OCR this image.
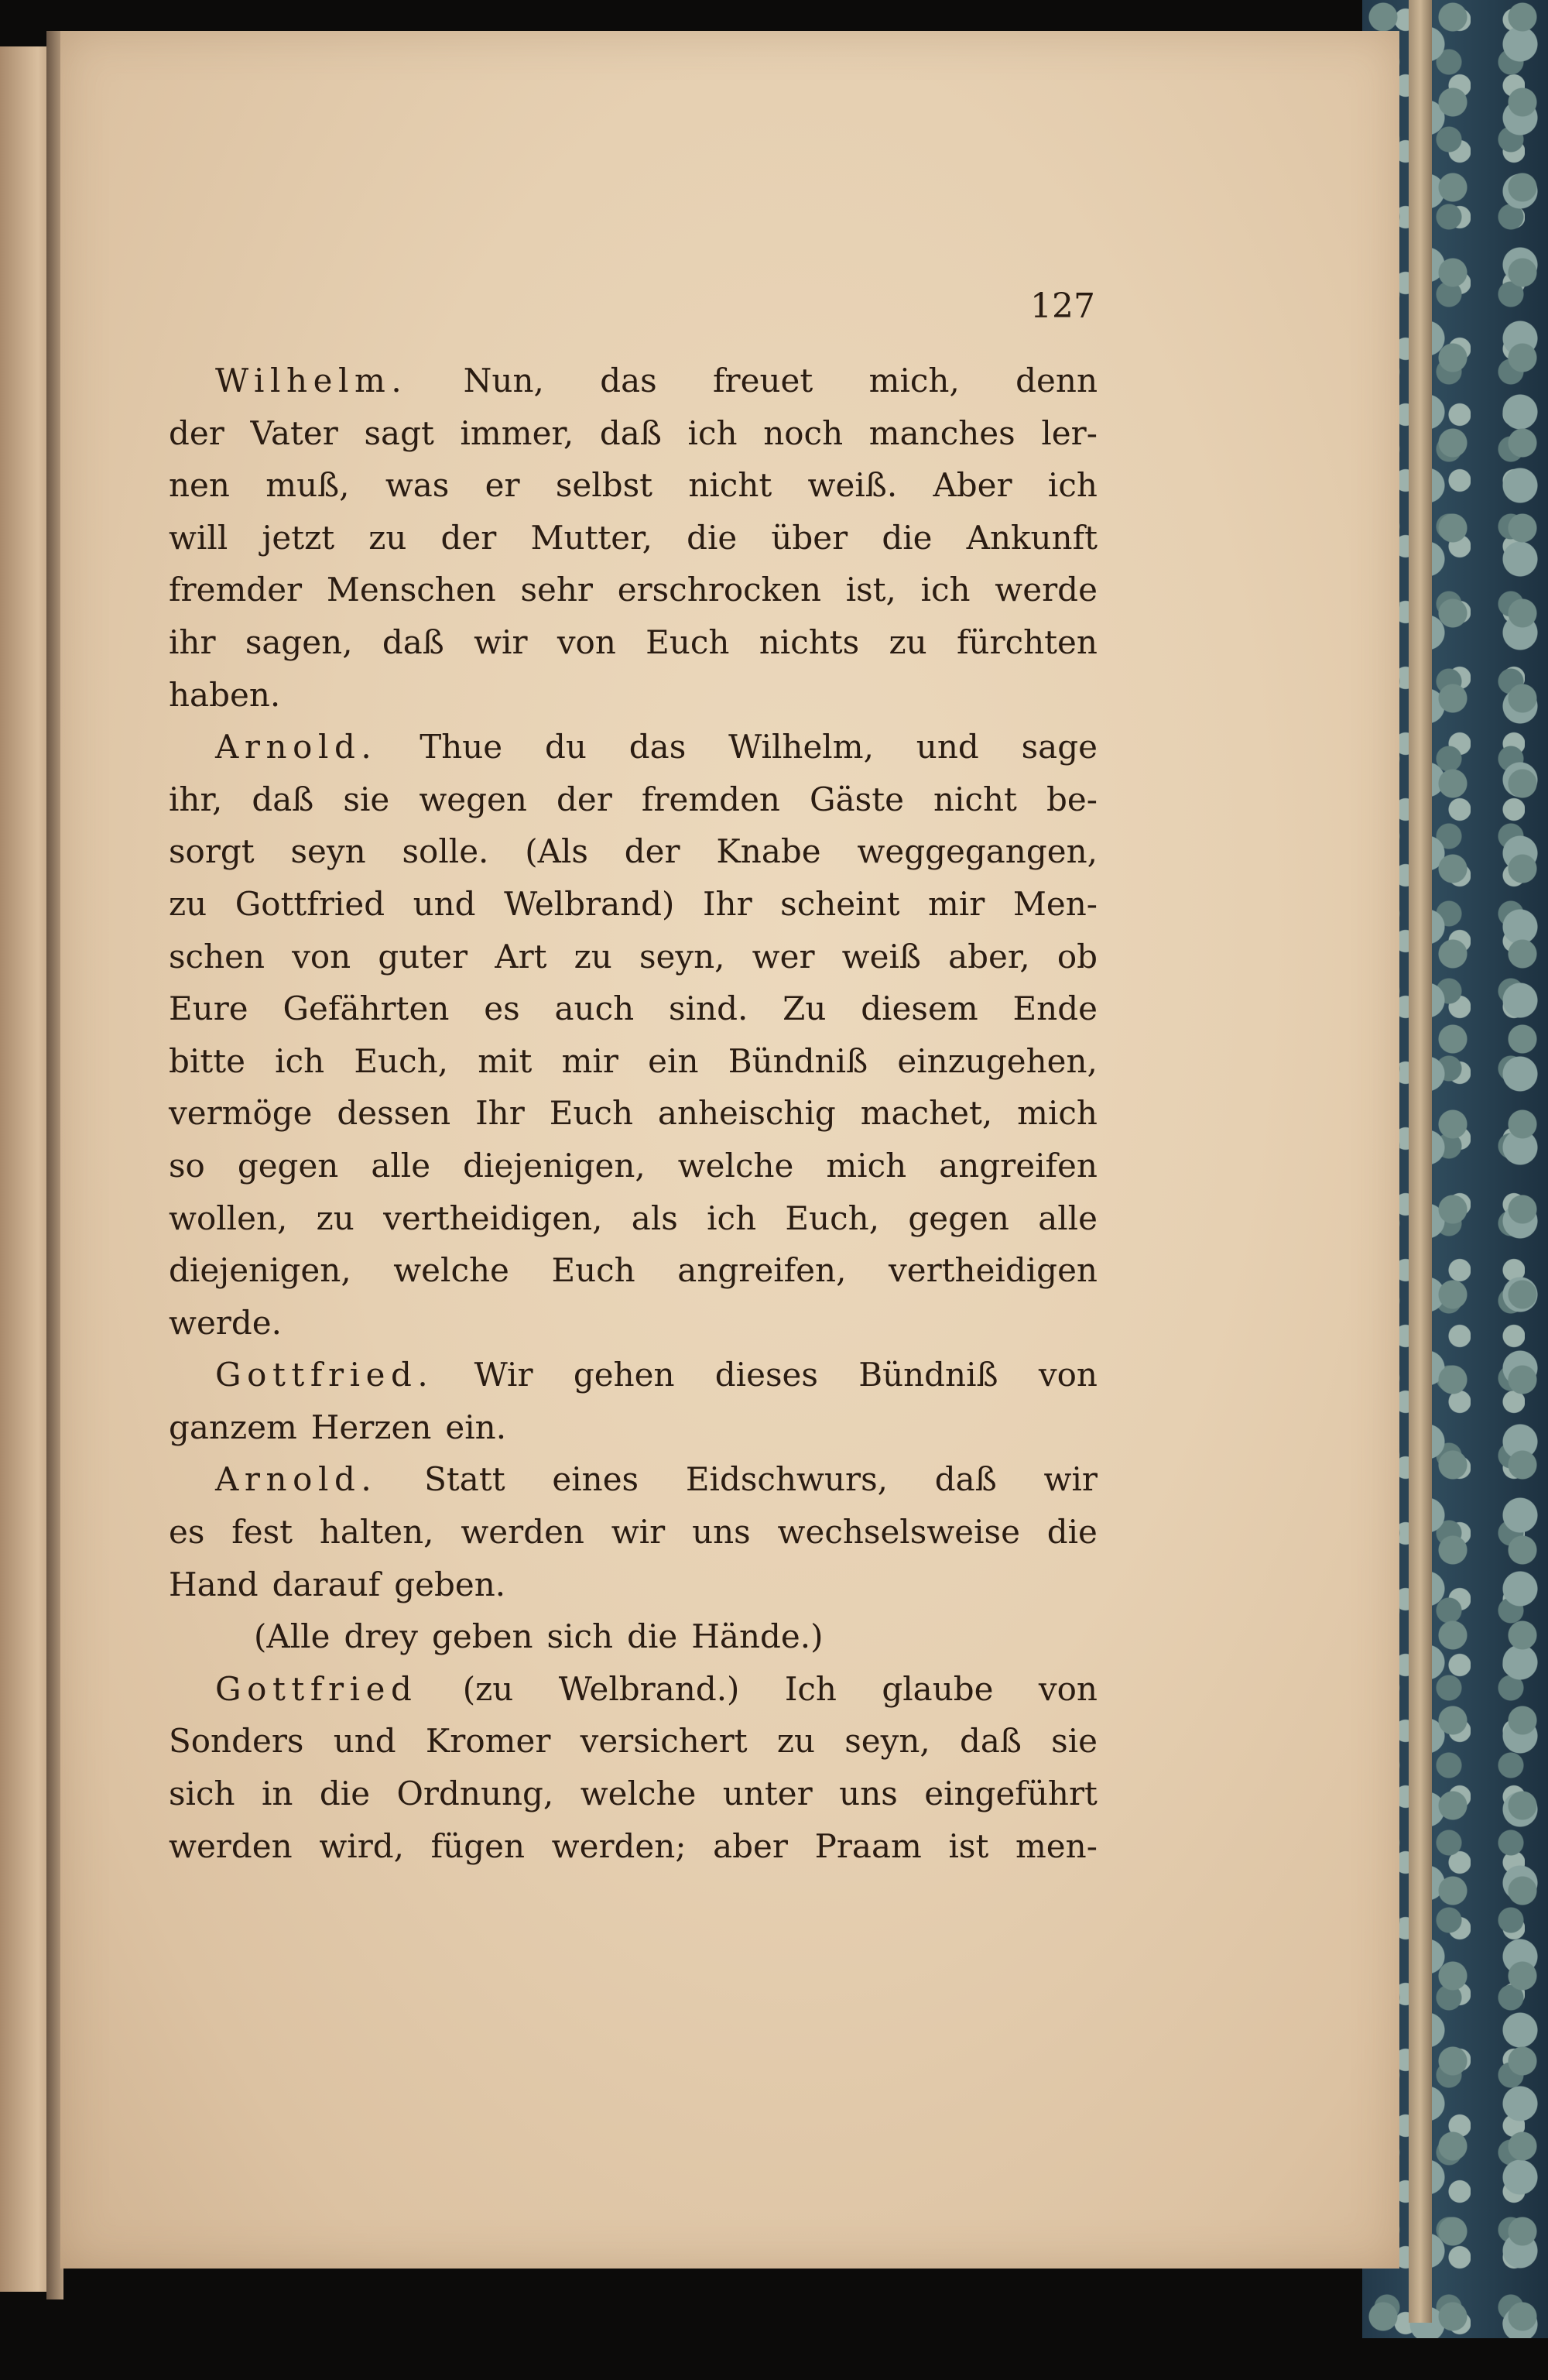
127
Wilhelm. Nun, das freuet mich, denn
der Vater sagt immer, daß ich noch manches ler-
nen muß, was er selbst nicht weiß. Aber ich
will jetzt zu der Mutter, die über die Ankunft
fremder Menschen sehr erschrocken ist, ich werde
ihr sagen, daß wir von Euch nichts zu fürchten
haben.
Arnold. Thue du das Wilhelm, und sage
ihr, daß sie wegen der fremden Gäste nicht be-
sorgt seyn solle. (Als der Knabe weggegangen,
zu Gottfried und Welbrand) Ihr scheint mir Men-
schen von guter Art zu seyn, wer weiß aber, ob
Eure Gefährten es auch sind. Zu diesem Ende
bitte ich Euch, mit mir ein Bündniß einzugehen,
vermöge dessen Ihr Euch anheischig machet, mich
so gegen alle diejenigen, welche mich angreifen
wollen, zu vertheidigen, als ich Euch, gegen alle
diejenigen, welche Euch angreifen, vertheidigen
werde.
Gottfried. Wir gehen dieses Bündniß von
ganzem Herzen ein.
Arnold. Statt eines Eidschwurs, daß wir
es fest halten, werden wir uns wechselsweise die
Hand darauf geben.
(Alle drey geben sich die Hände.)
Gottfried (zu Welbrand.) Ich glaube von
Sonders und Kromer versichert zu seyn, daß sie
sich in die Ordnung, welche unter uns eingeführt
werden wird, fügen werden; aber Praam ist men-
